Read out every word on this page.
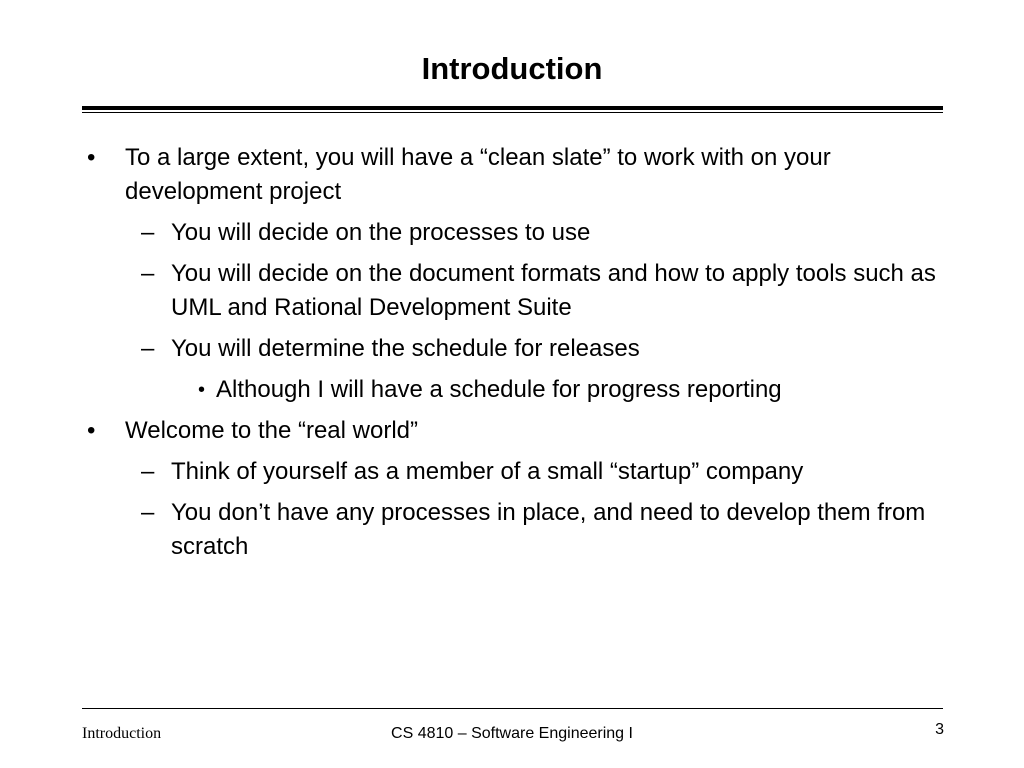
Introduction
• To a large extent, you will have a “clean slate” to work with on your development project
– You will decide on the processes to use
– You will decide on the document formats and how to apply tools such as UML and Rational Development Suite
– You will determine the schedule for releases
• Although I will have a schedule for progress reporting
• Welcome to the “real world”
– Think of yourself as a member of a small “startup” company
– You don’t have any processes in place, and need to develop them from scratch
Introduction	CS 4810 – Software Engineering I	3
